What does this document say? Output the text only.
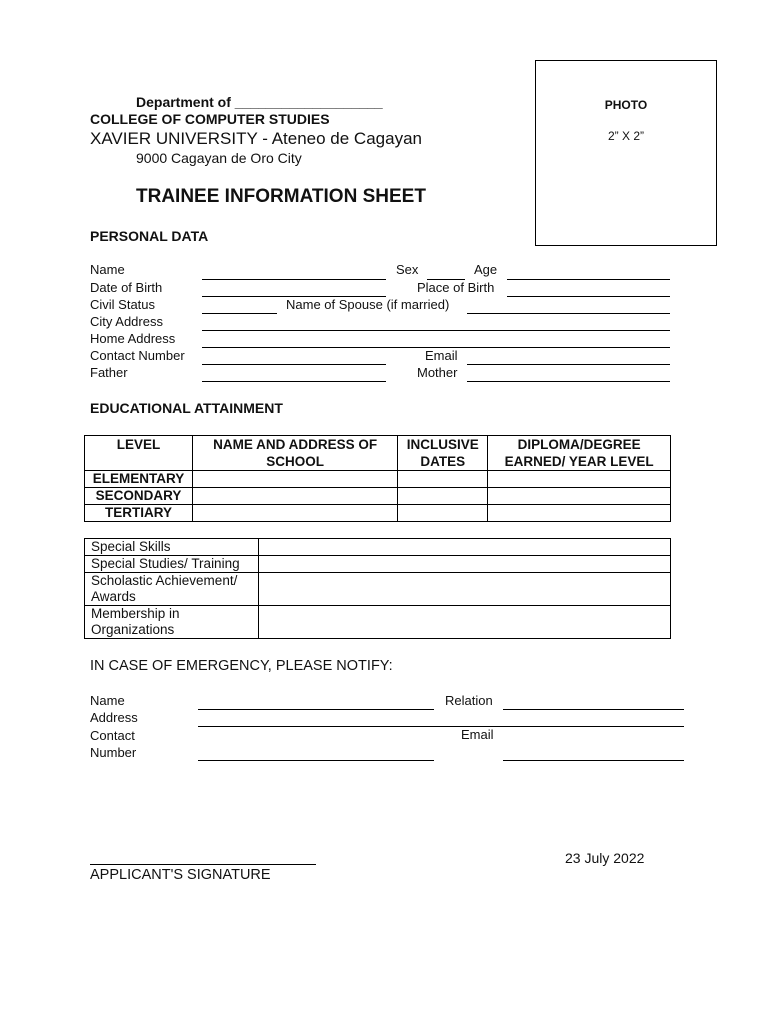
Department of ___________________
COLLEGE OF COMPUTER STUDIES
XAVIER UNIVERSITY - Ateneo de Cagayan
9000 Cagayan de Oro City
TRAINEE INFORMATION SHEET
PHOTO
2” X 2”
PERSONAL DATA
Name	Sex	Age
Date of Birth	Place of Birth
Civil Status	Name of Spouse (if married)
City Address
Home Address
Contact Number	Email
Father	Mother
EDUCATIONAL ATTAINMENT
LEVEL	NAME AND ADDRESS OF SCHOOL	INCLUSIVE DATES	DIPLOMA/DEGREE EARNED/ YEAR LEVEL
ELEMENTARY			
SECONDARY			
TERTIARY			
Special Skills	
Special Studies/ Training	
Scholastic Achievement/ Awards	
Membership in Organizations	
IN CASE OF EMERGENCY, PLEASE NOTIFY:
Name	Relation
Address
Contact Number
Email
APPLICANT'S SIGNATURE
23 July 2022
